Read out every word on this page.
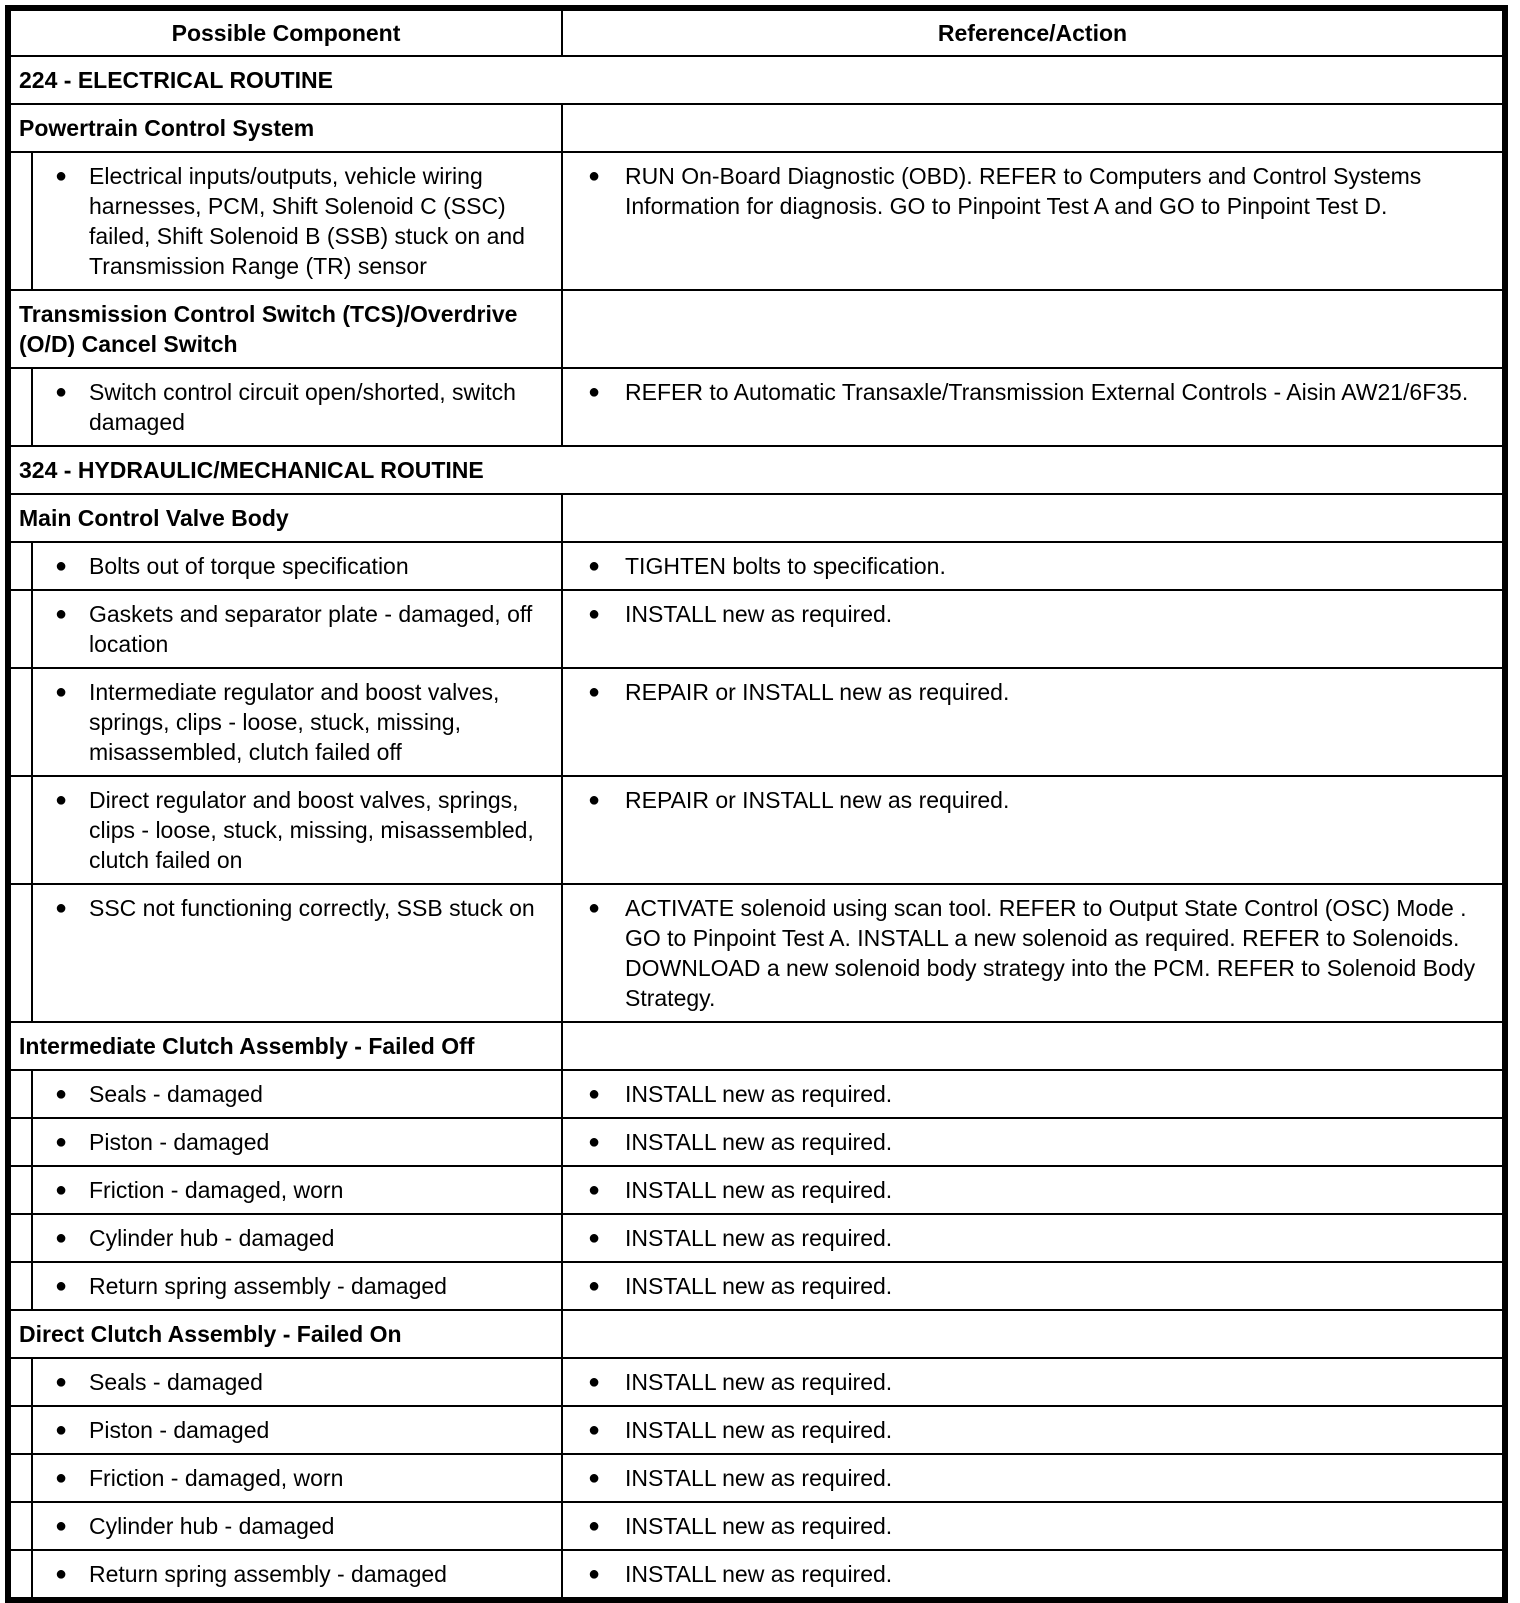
Possible Component		Reference/Action
224 - ELECTRICAL ROUTINE		
Powertrain Control System		

	● Electrical inputs/outputs, vehicle wiring harnesses, PCM, Shift Solenoid C (SSC) failed, Shift Solenoid B (SSB) stuck on and Transmission Range (TR) sensor	● RUN On-Board Diagnostic (OBD). REFER to Computers and Control Systems Information for diagnosis. GO to Pinpoint Test A and GO to Pinpoint Test D.

Transmission Control Switch (TCS)/Overdrive (O/D) Cancel Switch		

	● Switch control circuit open/shorted, switch damaged	● REFER to Automatic Transaxle/Transmission External Controls - Aisin AW21/6F35.

324 - HYDRAULIC/MECHANICAL ROUTINE		
Main Control Valve Body		

	● Bolts out of torque specification	● TIGHTEN bolts to specification.

	● Gaskets and separator plate - damaged, off location	● INSTALL new as required.

	● Intermediate regulator and boost valves, springs, clips - loose, stuck, missing, misassembled, clutch failed off	● REPAIR or INSTALL new as required.

	● Direct regulator and boost valves, springs, clips - loose, stuck, missing, misassembled, clutch failed on	● REPAIR or INSTALL new as required.

	● SSC not functioning correctly, SSB stuck on	● ACTIVATE solenoid using scan tool. REFER to Output State Control (OSC) Mode . GO to Pinpoint Test A. INSTALL a new solenoid as required. REFER to Solenoids. DOWNLOAD a new solenoid body strategy into the PCM. REFER to Solenoid Body Strategy.

Intermediate Clutch Assembly - Failed Off		

	● Seals - damaged	● INSTALL new as required.

	● Piston - damaged	● INSTALL new as required.

	● Friction - damaged, worn	● INSTALL new as required.

	● Cylinder hub - damaged	● INSTALL new as required.

	● Return spring assembly - damaged	● INSTALL new as required.

Direct Clutch Assembly - Failed On		

	● Seals - damaged	● INSTALL new as required.

	● Piston - damaged	● INSTALL new as required.

	● Friction - damaged, worn	● INSTALL new as required.

	● Cylinder hub - damaged	● INSTALL new as required.

	● Return spring assembly - damaged	● INSTALL new as required.
